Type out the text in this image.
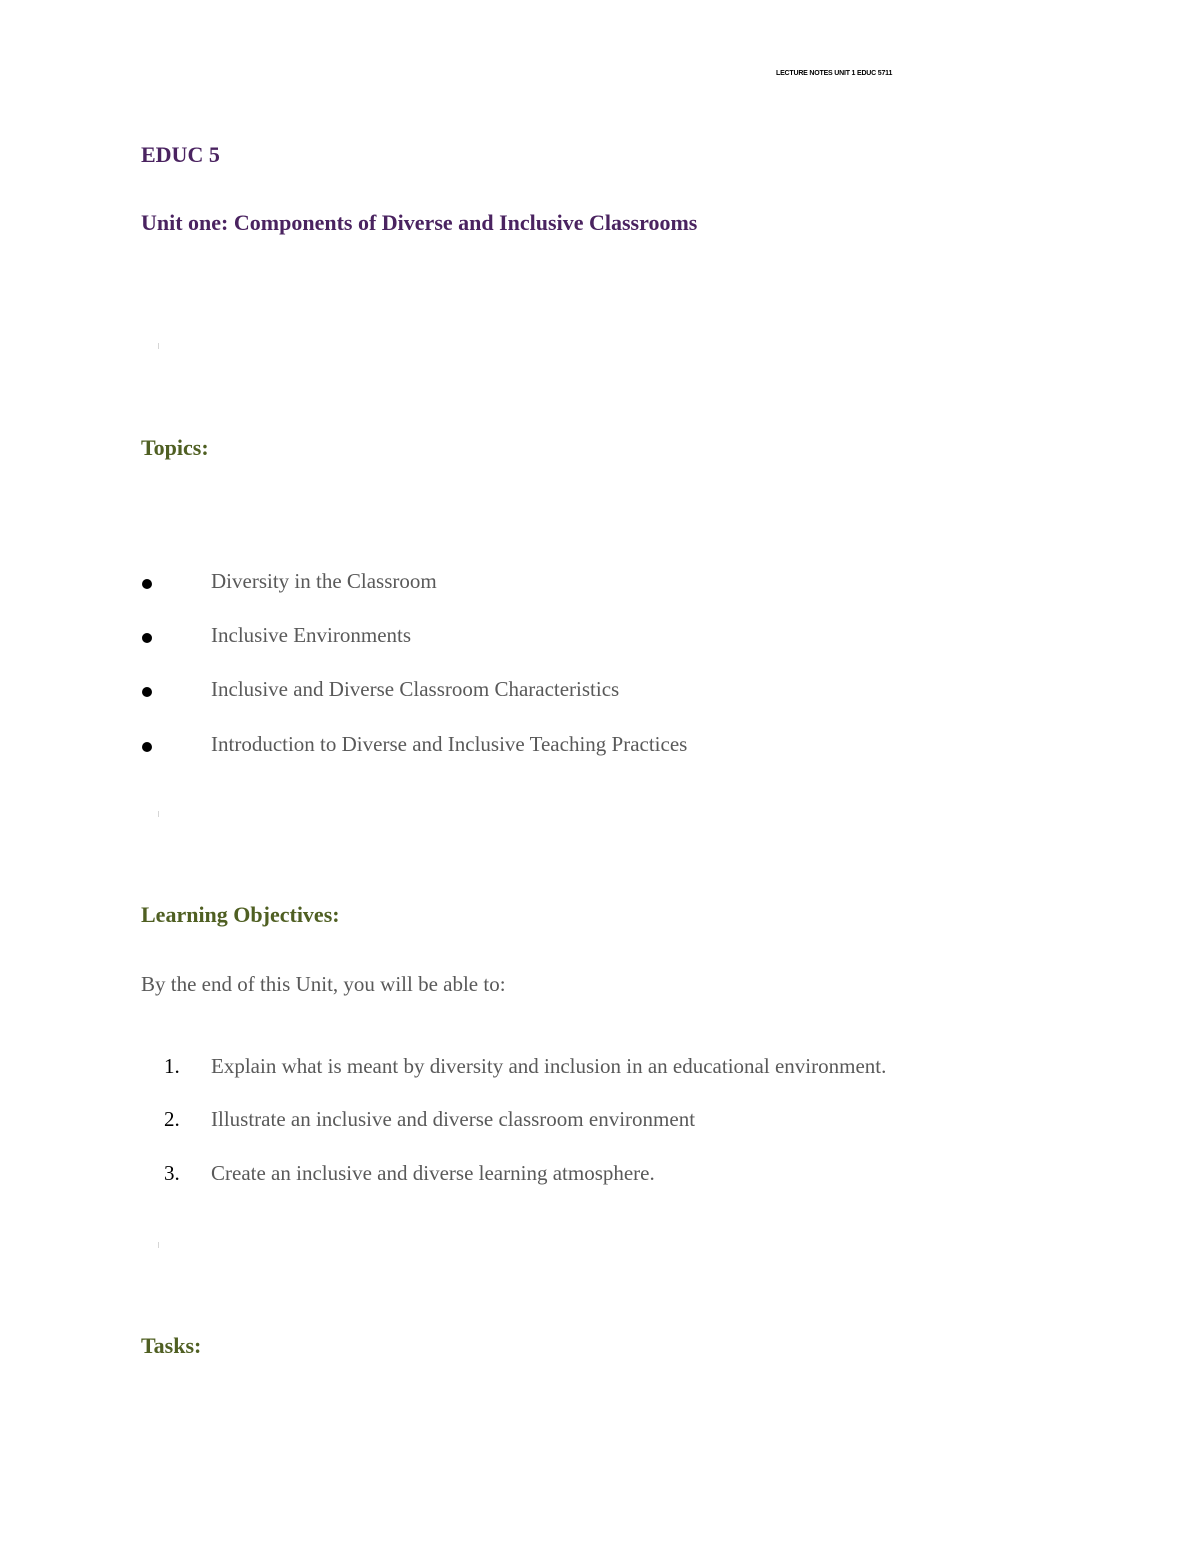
LECTURE NOTES UNIT 1 EDUC 5711
EDUC 5
Unit one: Components of Diverse and Inclusive Classrooms
Topics:
Diversity in the Classroom
Inclusive Environments
Inclusive and Diverse Classroom Characteristics
Introduction to Diverse and Inclusive Teaching Practices
Learning Objectives:
By the end of this Unit, you will be able to:
1. Explain what is meant by diversity and inclusion in an educational environment.
2. Illustrate an inclusive and diverse classroom environment
3. Create an inclusive and diverse learning atmosphere.
Tasks:
